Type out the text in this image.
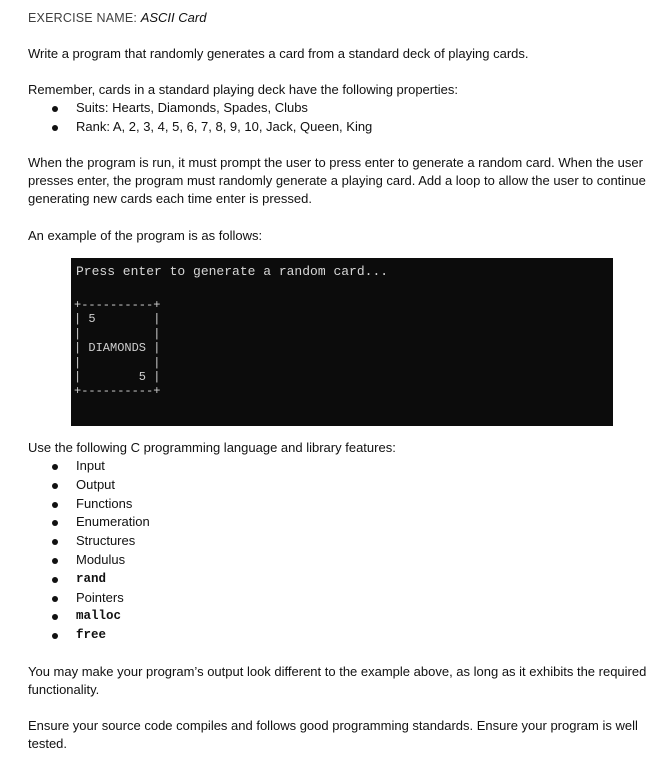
EXERCISE NAME: ASCII Card

Write a program that randomly generates a card from a standard deck of playing cards.

Remember, cards in a standard playing deck have the following properties:

Suits: Hearts, Diamonds, Spades, Clubs
Rank: A, 2, 3, 4, 5, 6, 7, 8, 9, 10, Jack, Queen, King

When the program is run, it must prompt the user to press enter to generate a random card. When the user presses enter, the program must randomly generate a playing card. Add a loop to allow the user to continue generating new cards each time enter is pressed.

An example of the program is as follows:

Press enter to generate a random card...
+----------+
| 5        |
|          |
| DIAMONDS |
|          |
|        5 |
+----------+

Use the following C programming language and library features:

Input
Output
Functions
Enumeration
Structures
Modulus
rand
Pointers
malloc
free

You may make your program’s output look different to the example above, as long as it exhibits the required functionality.

Ensure your source code compiles and follows good programming standards. Ensure your program is well tested.
